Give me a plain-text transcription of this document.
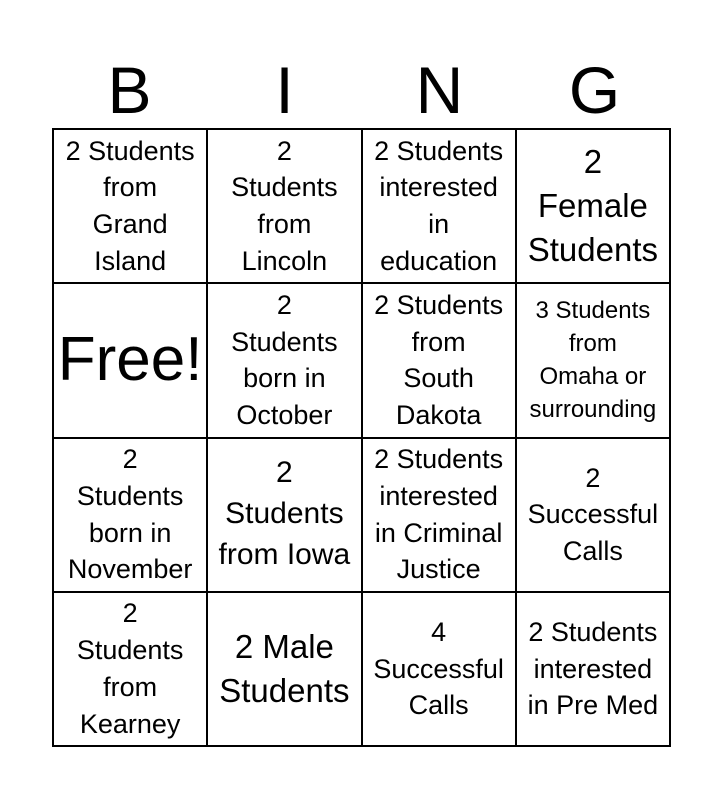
B	I	N	G
2 Students
from
Grand
Island
2
Students
from
Lincoln
2 Students
interested
in
education
2
Female
Students
Free!
2
Students
born in
October
2 Students
from
South
Dakota
3 Students
from
Omaha or
surrounding
2
Students
born in
November
2
Students
from Iowa
2 Students
interested
in Criminal
Justice
2
Successful
Calls
2
Students
from
Kearney
2 Male
Students
4
Successful
Calls
2 Students
interested
in Pre Med
